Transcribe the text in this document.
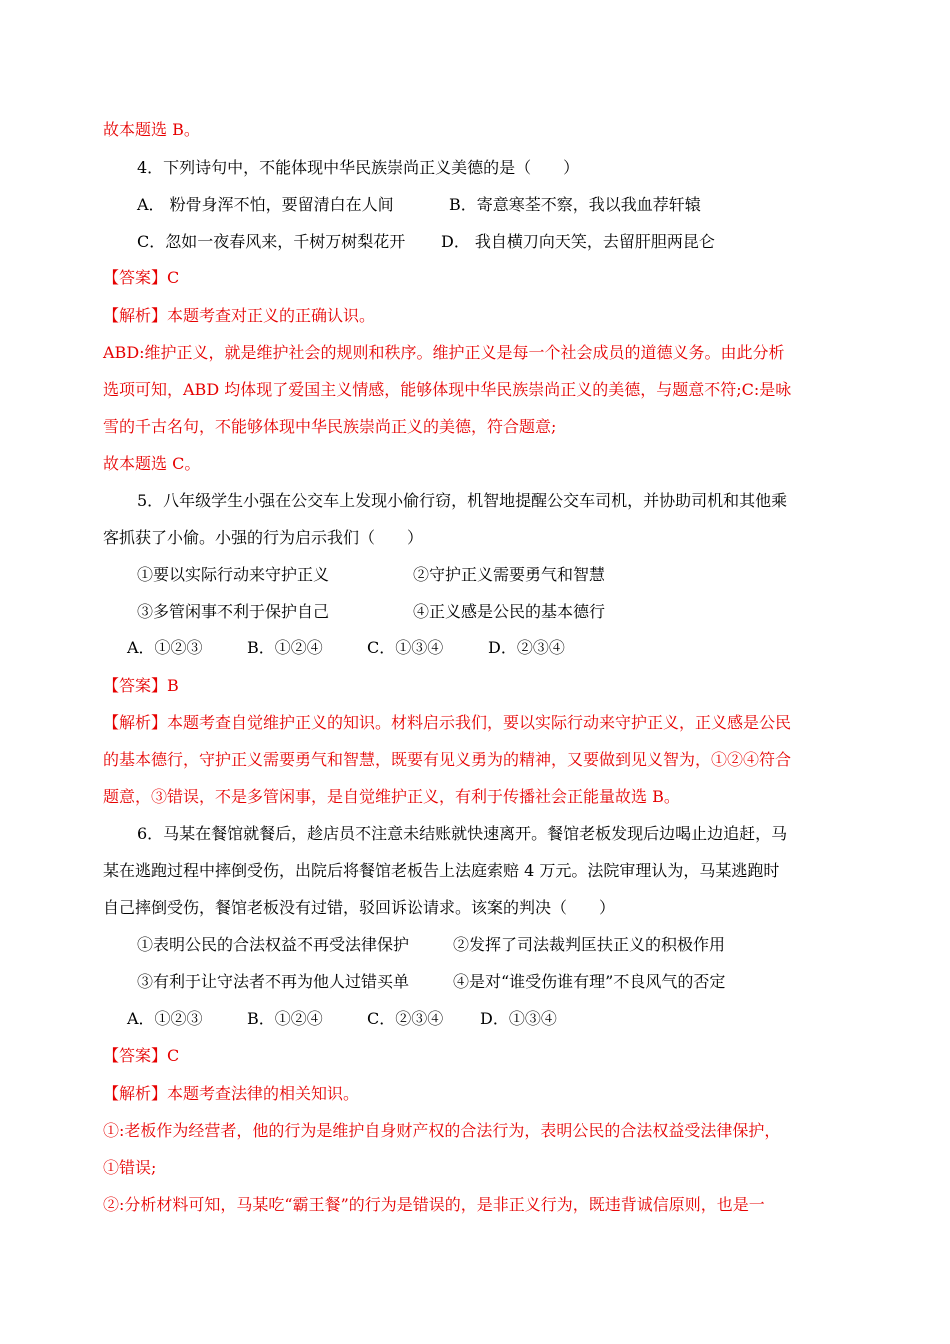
故本题选 B。
4．下列诗句中，不能体现中华民族崇尚正义美德的是（　　）
A． 粉骨身浑不怕，要留清白在人间	B．寄意寒荃不察，我以我血荐轩辕
C．忽如一夜春风来，千树万树梨花开 D． 我自横刀向天笑，去留肝胆两昆仑
【答案】C
【解析】本题考查对正义的正确认识。
ABD:维护正义，就是维护社会的规则和秩序。维护正义是每一个社会成员的道德义务。由此分析
选项可知，ABD 均体现了爱国主义情感，能够体现中华民族崇尚正义的美德，与题意不符;C:是咏
雪的千古名句，不能够体现中华民族崇尚正义的美德，符合题意;
故本题选 C。
5．八年级学生小强在公交车上发现小偷行窃，机智地提醒公交车司机，并协助司机和其他乘
客抓获了小偷。小强的行为启示我们（　　）
①要以实际行动来守护正义	②守护正义需要勇气和智慧
③多管闲事不利于保护自己	④正义感是公民的基本德行
A．①②③	B．①②④	C．①③④	D．②③④
【答案】B
【解析】本题考查自觉维护正义的知识。材料启示我们，要以实际行动来守护正义，正义感是公民
的基本德行，守护正义需要勇气和智慧，既要有见义勇为的精神，又要做到见义智为，①②④符合
题意，③错误，不是多管闲事，是自觉维护正义，有利于传播社会正能量故选 B。
6．马某在餐馆就餐后，趁店员不注意未结账就快速离开。餐馆老板发现后边喝止边追赶，马
某在逃跑过程中摔倒受伤，出院后将餐馆老板告上法庭索赔 4 万元。法院审理认为，马某逃跑时
自己摔倒受伤，餐馆老板没有过错，驳回诉讼请求。该案的判决（　　）
①表明公民的合法权益不再受法律保护	②发挥了司法裁判匡扶正义的积极作用
③有利于让守法者不再为他人过错买单	④是对“谁受伤谁有理”不良风气的否定
A．①②③	B．①②④	C．②③④ D．①③④
【答案】C
【解析】本题考查法律的相关知识。
①:老板作为经营者，他的行为是维护自身财产权的合法行为，表明公民的合法权益受法律保护，
①错误;
②:分析材料可知，马某吃“霸王餐”的行为是错误的，是非正义行为，既违背诚信原则，也是一
